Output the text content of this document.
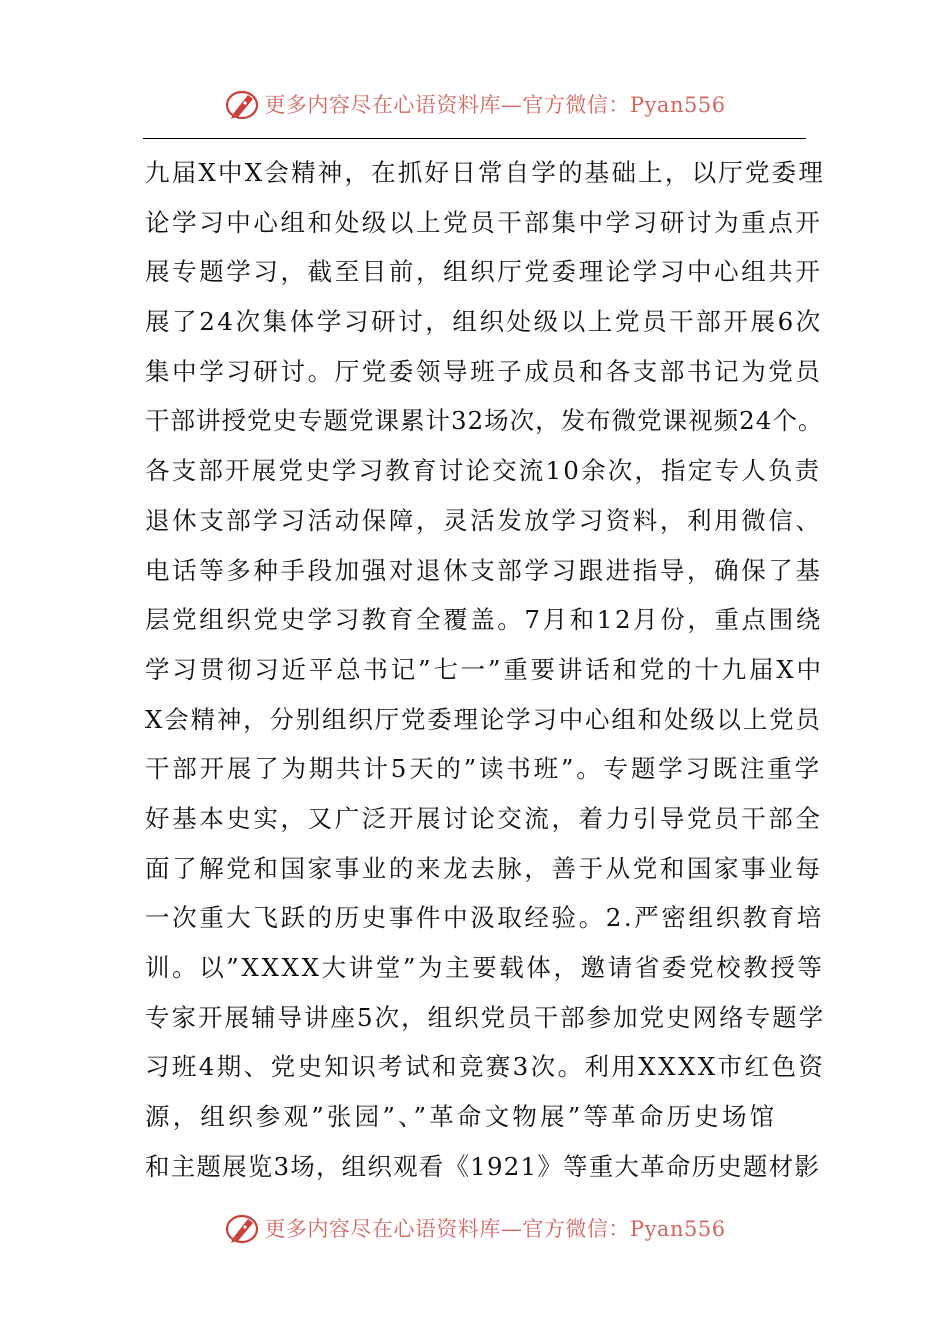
更多内容尽在心语资料库—官方微信：Pyan556
九届X中X会精神，在抓好日常自学的基础上，以厅党委理
论学习中心组和处级以上党员干部集中学习研讨为重点开
展专题学习，截至目前，组织厅党委理论学习中心组共开
展了24次集体学习研讨，组织处级以上党员干部开展6次
集中学习研讨。厅党委领导班子成员和各支部书记为党员
干部讲授党史专题党课累计32场次，发布微党课视频24个。
各支部开展党史学习教育讨论交流10余次，指定专人负责
退休支部学习活动保障，灵活发放学习资料，利用微信、
电话等多种手段加强对退休支部学习跟进指导，确保了基
层党组织党史学习教育全覆盖。7月和12月份，重点围绕
学习贯彻习近平总书记”七一”重要讲话和党的十九届X中
X会精神，分别组织厅党委理论学习中心组和处级以上党员
干部开展了为期共计5天的”读书班”。专题学习既注重学
好基本史实，又广泛开展讨论交流，着力引导党员干部全
面了解党和国家事业的来龙去脉，善于从党和国家事业每
一次重大飞跃的历史事件中汲取经验。2.严密组织教育培
训。以”XXXX大讲堂”为主要载体，邀请省委党校教授等
专家开展辅导讲座5次，组织党员干部参加党史网络专题学
习班4期、党史知识考试和竞赛3次。利用XXXX市红色资
源，组织参观”张园”、”革命文物展”等革命历史场馆
和主题展览3场，组织观看《1921》等重大革命历史题材影
更多内容尽在心语资料库—官方微信：Pyan556
